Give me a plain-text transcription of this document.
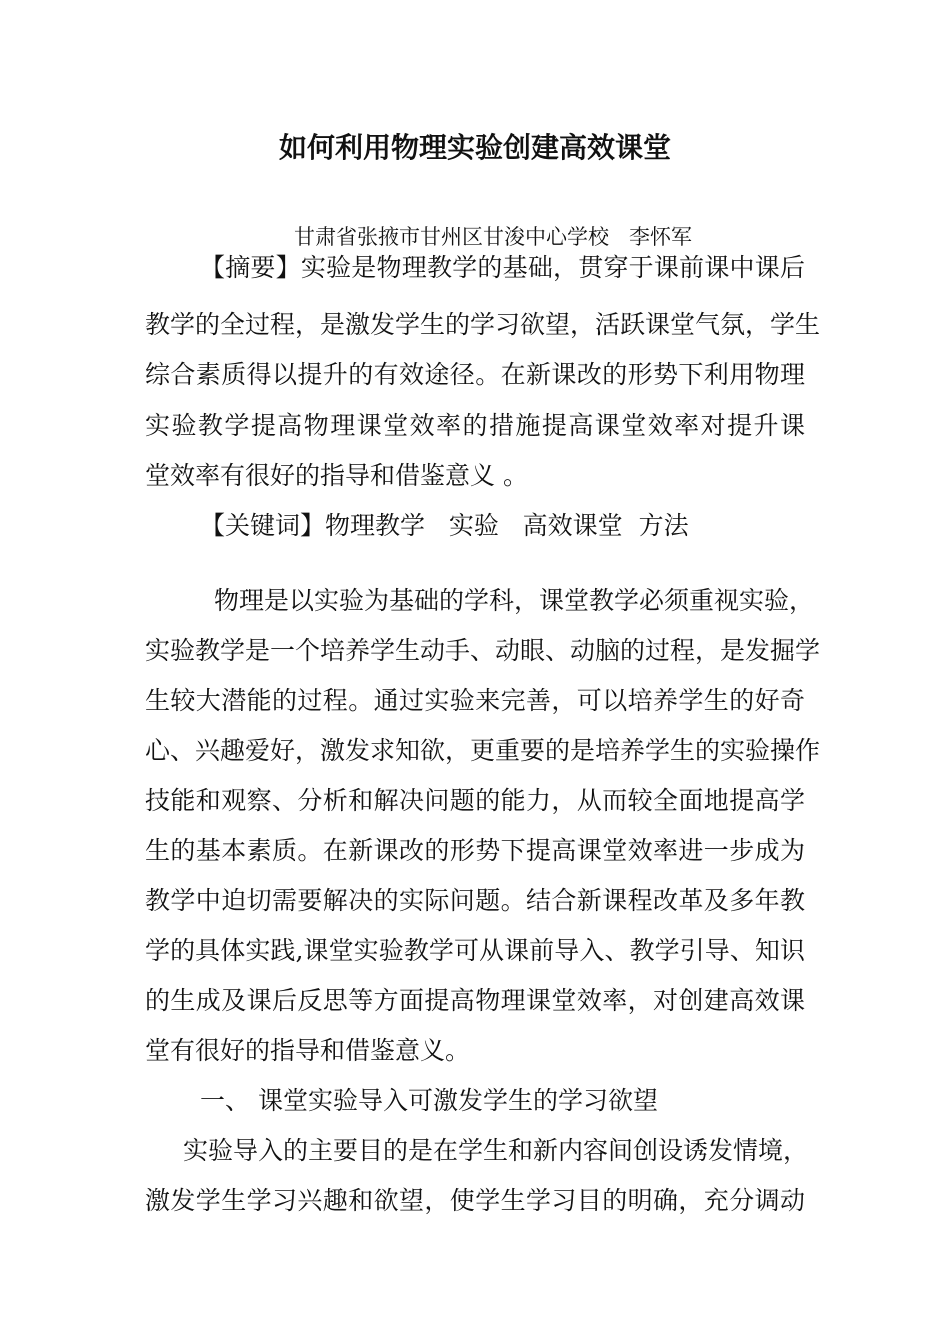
如何利用物理实验创建高效课堂
甘肃省张掖市甘州区甘浚中心学校   李怀军
【摘要】实验是物理教学的基础，贯穿于课前课中课后
教学的全过程，是激发学生的学习欲望，活跃课堂气氛，学生
综合素质得以提升的有效途径。在新课改的形势下利用物理
实验教学提高物理课堂效率的措施提高课堂效率对提升课
堂效率有很好的指导和借鉴意义 。
【关键词】物理教学   实验   高效课堂  方法
物理是以实验为基础的学科，课堂教学必须重视实验，
实验教学是一个培养学生动手、动眼、动脑的过程，是发掘学
生较大潜能的过程。通过实验来完善，可以培养学生的好奇
心、兴趣爱好，激发求知欲，更重要的是培养学生的实验操作
技能和观察、分析和解决问题的能力，从而较全面地提高学
生的基本素质。在新课改的形势下提高课堂效率进一步成为
教学中迫切需要解决的实际问题。结合新课程改革及多年教
学的具体实践,课堂实验教学可从课前导入、教学引导、知识
的生成及课后反思等方面提高物理课堂效率，对创建高效课
堂有很好的指导和借鉴意义。
一、 课堂实验导入可激发学生的学习欲望
实验导入的主要目的是在学生和新内容间创设诱发情境，
激发学生学习兴趣和欲望，使学生学习目的明确，充分调动
